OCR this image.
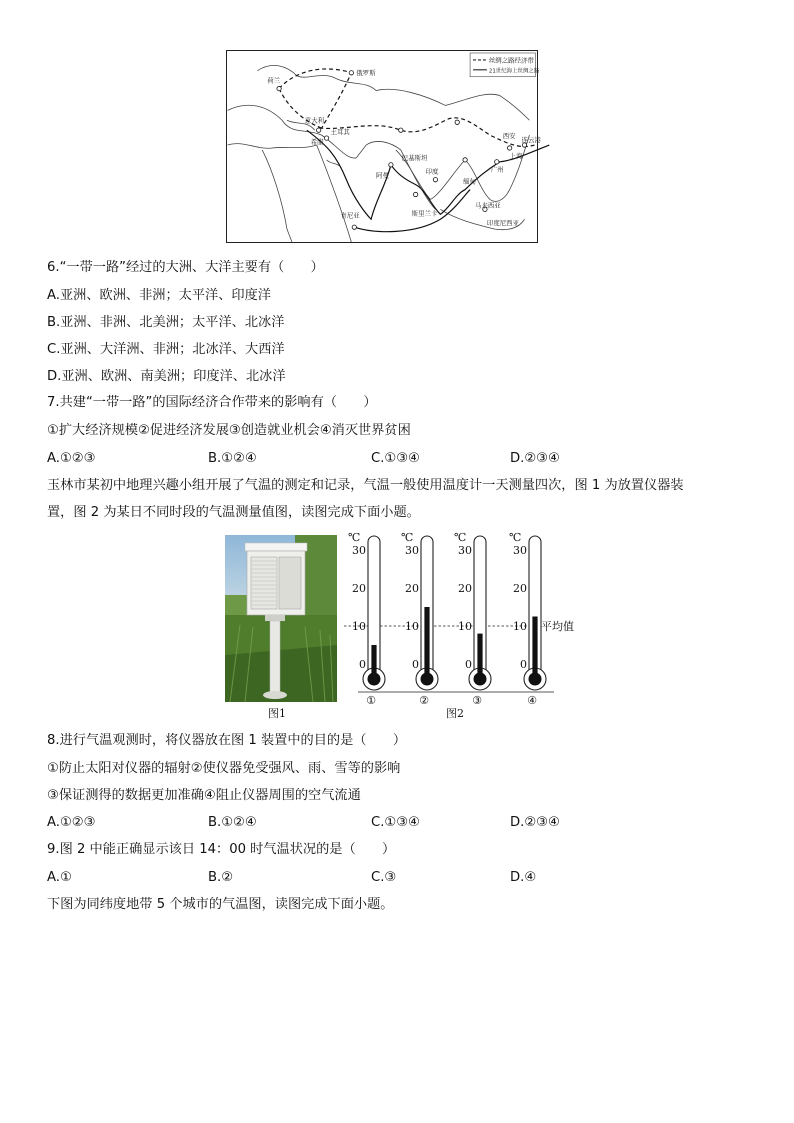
丝绸之路经济带
21世纪海上丝绸之路
荷兰
俄罗斯
意大利
土耳其
希腊
巴基斯坦
印度
阿曼
肯尼亚	斯里兰卡
缅甸
马来西亚
印度尼西亚
西安
上海
广州
连云港
6.“一带一路”经过的大洲、大洋主要有（　　）
A.亚洲、欧洲、非洲；太平洋、印度洋
B.亚洲、非洲、北美洲；太平洋、北冰洋
C.亚洲、大洋洲、非洲；北冰洋、大西洋
D.亚洲、欧洲、南美洲；印度洋、北冰洋
7.共建“一带一路”的国际经济合作带来的影响有（　　）
①扩大经济规模②促进经济发展③创造就业机会④消灭世界贫困
A.①②③	B.①②④	C.①③④	D.②③④
玉林市某初中地理兴趣小组开展了气温的测定和记录，气温一般使用温度计一天测量四次，图 1 为放置仪器装
置，图 2 为某日不同时段的气温测量值图，读图完成下面小题。
图1
℃
30
20
10
0
①
℃
30
20
10
0
②
℃
30
20
10
0
③
℃
30
20
10
0
④
平均值
图2
8.进行气温观测时，将仪器放在图 1 装置中的目的是（　　）
①防止太阳对仪器的辐射②使仪器免受强风、雨、雪等的影响
③保证测得的数据更加准确④阻止仪器周围的空气流通
A.①②③	B.①②④	C.①③④	D.②③④
9.图 2 中能正确显示该日 14：00 时气温状况的是（　　）
A.①	B.②	C.③	D.④
下图为同纬度地带 5 个城市的气温图，读图完成下面小题。
